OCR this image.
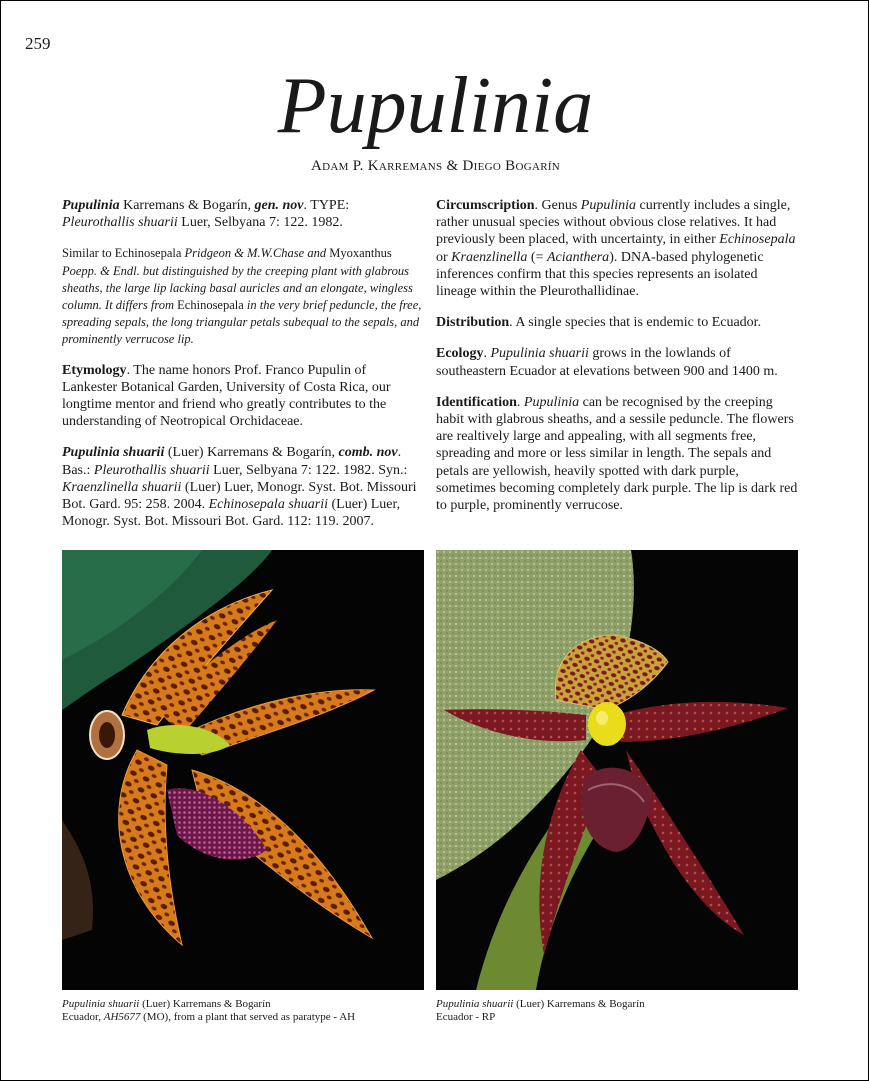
259
Pupulinia
Adam P. Karremans & Diego Bogarín

Pupulinia Karremans & Bogarín, gen. nov. TYPE: Pleurothallis shuarii Luer, Selbyana 7: 122. 1982.

Similar to Echinosepala Pridgeon & M.W.Chase and Myoxanthus Poepp. & Endl. but distinguished by the creeping plant with glabrous sheaths, the large lip lacking basal auricles and an elongate, wingless column. It differs from Echinosepala in the very brief peduncle, the free, spreading sepals, the long triangular petals subequal to the sepals, and prominently verrucose lip.

Etymology. The name honors Prof. Franco Pupulin of Lankester Botanical Garden, University of Costa Rica, our longtime mentor and friend who greatly contributes to the understanding of Neotropical Orchidaceae.

Pupulinia shuarii (Luer) Karremans & Bogarín, comb. nov. Bas.: Pleurothallis shuarii Luer, Selbyana 7: 122. 1982. Syn.: Kraenzlinella shuarii (Luer) Luer, Monogr. Syst. Bot. Missouri Bot. Gard. 95: 258. 2004. Echinosepala shuarii (Luer) Luer, Monogr. Syst. Bot. Missouri Bot. Gard. 112: 119. 2007.

Circumscription. Genus Pupulinia currently includes a single, rather unusual species without obvious close relatives. It had previously been placed, with uncertainty, in either Echinosepala or Kraenzlinella (= Acianthera). DNA-based phylogenetic inferences confirm that this species represents an isolated lineage within the Pleurothallidinae.

Distribution. A single species that is endemic to Ecuador.

Ecology. Pupulinia shuarii grows in the lowlands of southeastern Ecuador at elevations between 900 and 1400 m.

Identification. Pupulinia can be recognised by the creeping habit with glabrous sheaths, and a sessile peduncle. The flowers are realtively large and appealing, with all segments free, spreading and more or less similar in length. The sepals and petals are yellowish, heavily spotted with dark purple, sometimes becoming completely dark purple. The lip is dark red to purple, prominently verrucose.

Pupulinia shuarii (Luer) Karremans & Bogarín
Ecuador, AH5677 (MO), from a plant that served as paratype - AH
Pupulinia shuarii (Luer) Karremans & Bogarín
Ecuador - RP
